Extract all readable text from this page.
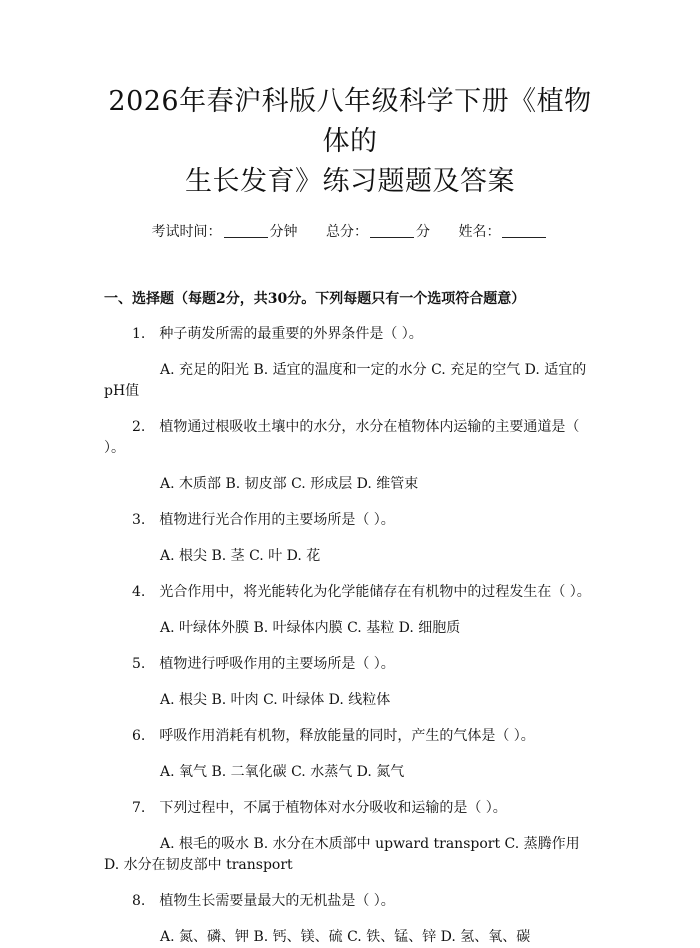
2026年春沪科版八年级科学下册《植物体的
生长发育》练习题题及答案
考试时间：	分钟 总分：	分 姓名：
一、选择题（每题2分，共30分。下列每题只有一个选项符合题意）
1. 种子萌发所需的最重要的外界条件是（ ）。
A. 充足的阳光 B. 适宜的温度和一定的水分 C. 充足的空气 D. 适宜的pH值
2. 植物通过根吸收土壤中的水分，水分在植物体内运输的主要通道是（ ）。
A. 木质部 B. 韧皮部 C. 形成层 D. 维管束
3. 植物进行光合作用的主要场所是（ ）。
A. 根尖 B. 茎 C. 叶 D. 花
4. 光合作用中，将光能转化为化学能储存在有机物中的过程发生在（ ）。
A. 叶绿体外膜 B. 叶绿体内膜 C. 基粒 D. 细胞质
5. 植物进行呼吸作用的主要场所是（ ）。
A. 根尖 B. 叶肉 C. 叶绿体 D. 线粒体
6. 呼吸作用消耗有机物，释放能量的同时，产生的气体是（ ）。
A. 氧气 B. 二氧化碳 C. 水蒸气 D. 氮气
7. 下列过程中，不属于植物体对水分吸收和运输的是（ ）。
A. 根毛的吸水 B. 水分在木质部中 upward transport C. 蒸腾作用 D. 水分在韧皮部中 transport
8. 植物生长需要量最大的无机盐是（ ）。
A. 氮、磷、钾 B. 钙、镁、硫 C. 铁、锰、锌 D. 氢、氧、碳
